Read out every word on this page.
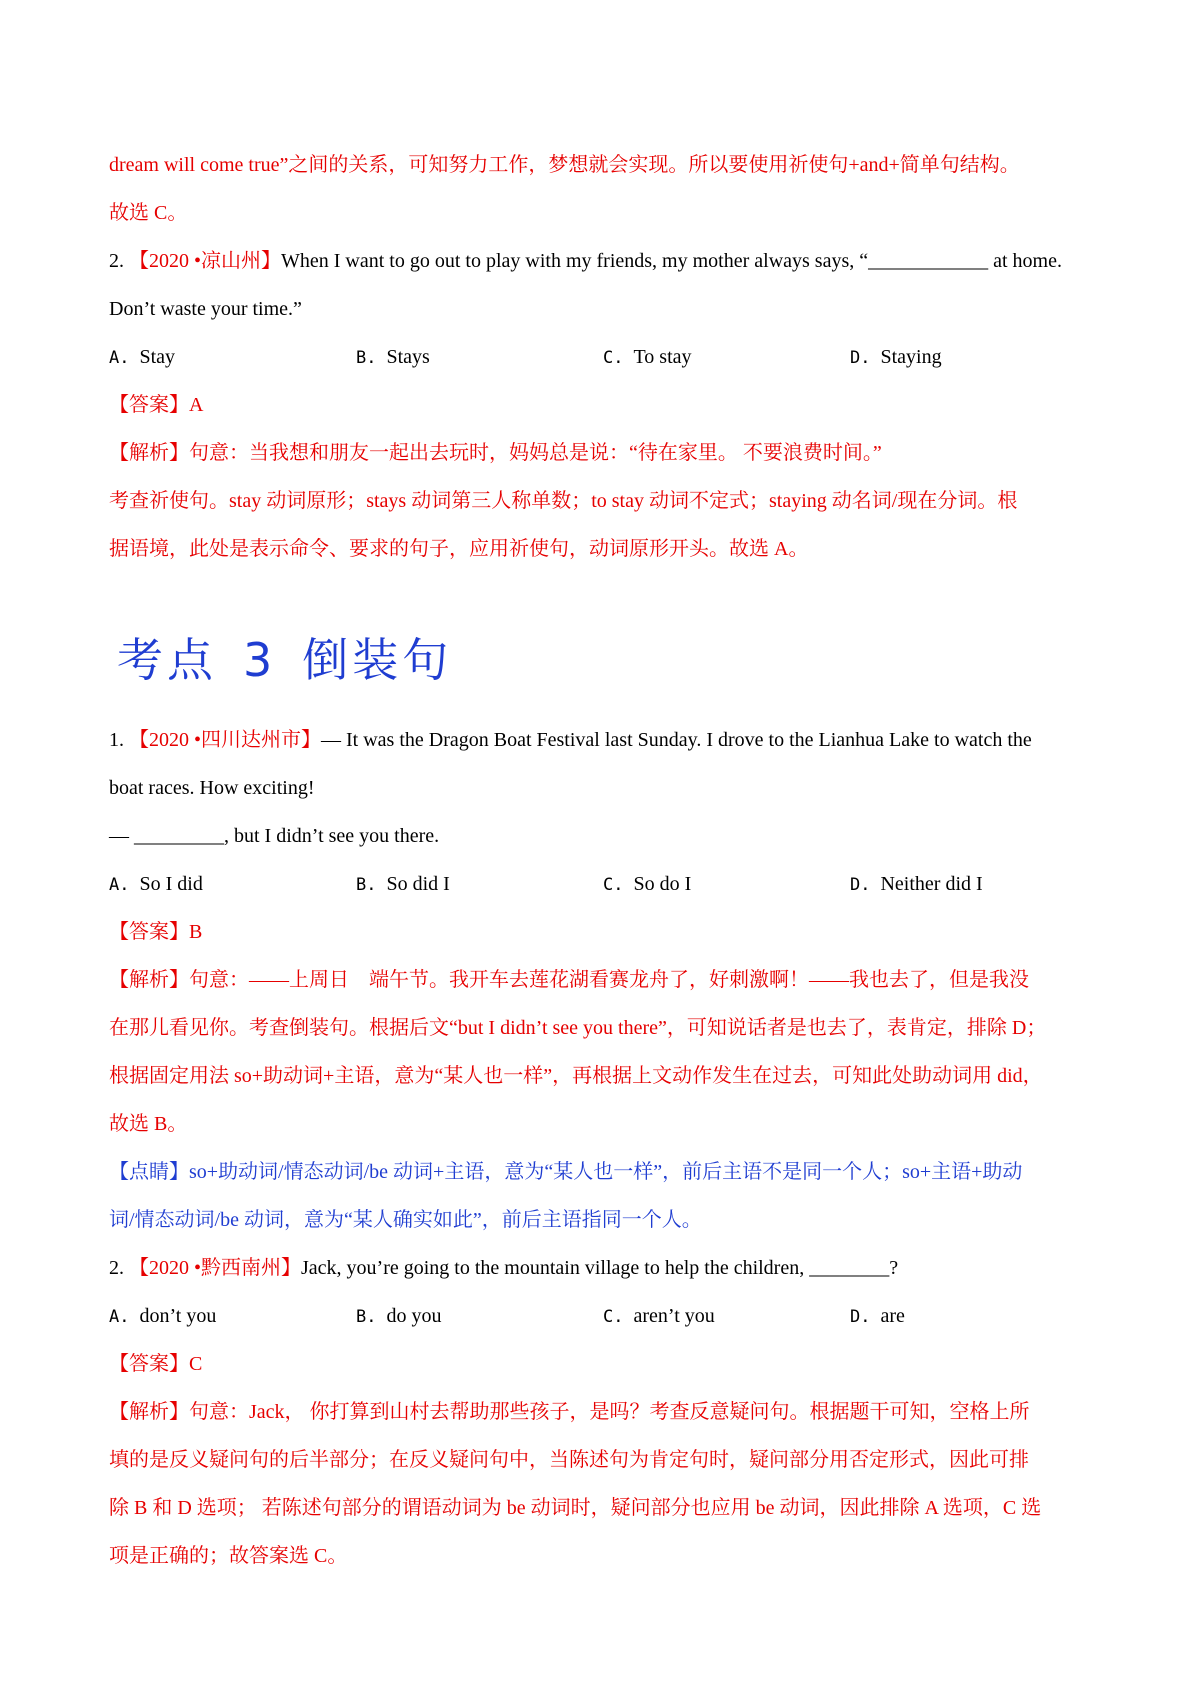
dream will come true”之间的关系，可知努力工作，梦想就会实现。所以要使用祈使句+and+简单句结构。
故选 C。
2. 【2020 •凉山州】When I want to go out to play with my friends, my mother always says, “____________ at home.
Don’t waste your time.”
A. Stay	B. Stays	C. To stay	D. Staying
【答案】A
【解析】句意：当我想和朋友一起出去玩时，妈妈总是说：“待在家里。 不要浪费时间。”
考查祈使句。stay 动词原形；stays 动词第三人称单数；to stay 动词不定式；staying 动名词/现在分词。根
据语境，此处是表示命令、要求的句子，应用祈使句，动词原形开头。故选 A。
考点 3 倒装句
1. 【2020 •四川达州市】— It was the Dragon Boat Festival last Sunday. I drove to the Lianhua Lake to watch the
boat races. How exciting!
— _________, but I didn’t see you there.
A. So I did	B. So did I	C. So do I	D. Neither did I
【答案】B
【解析】句意：——上周日　端午节。我开车去莲花湖看赛龙舟了，好刺激啊！——我也去了，但是我没
在那儿看见你。考查倒装句。根据后文“but I didn’t see you there”，可知说话者是也去了，表肯定，排除 D；
根据固定用法 so+助动词+主语，意为“某人也一样”，再根据上文动作发生在过去，可知此处助动词用 did，
故选 B。
【点睛】so+助动词/情态动词/be 动词+主语，意为“某人也一样”，前后主语不是同一个人；so+主语+助动
词/情态动词/be 动词，意为“某人确实如此”，前后主语指同一个人。
2. 【2020 •黔西南州】Jack, you’re going to the mountain village to help the children, ________?
A. don’t you	B. do you	C. aren’t you	D. are
【答案】C
【解析】句意：Jack， 你打算到山村去帮助那些孩子，是吗？考查反意疑问句。根据题干可知，空格上所
填的是反义疑问句的后半部分；在反义疑问句中，当陈述句为肯定句时，疑问部分用否定形式，因此可排
除 B 和 D 选项； 若陈述句部分的谓语动词为 be 动词时，疑问部分也应用 be 动词，因此排除 A 选项，C 选
项是正确的；故答案选 C。
